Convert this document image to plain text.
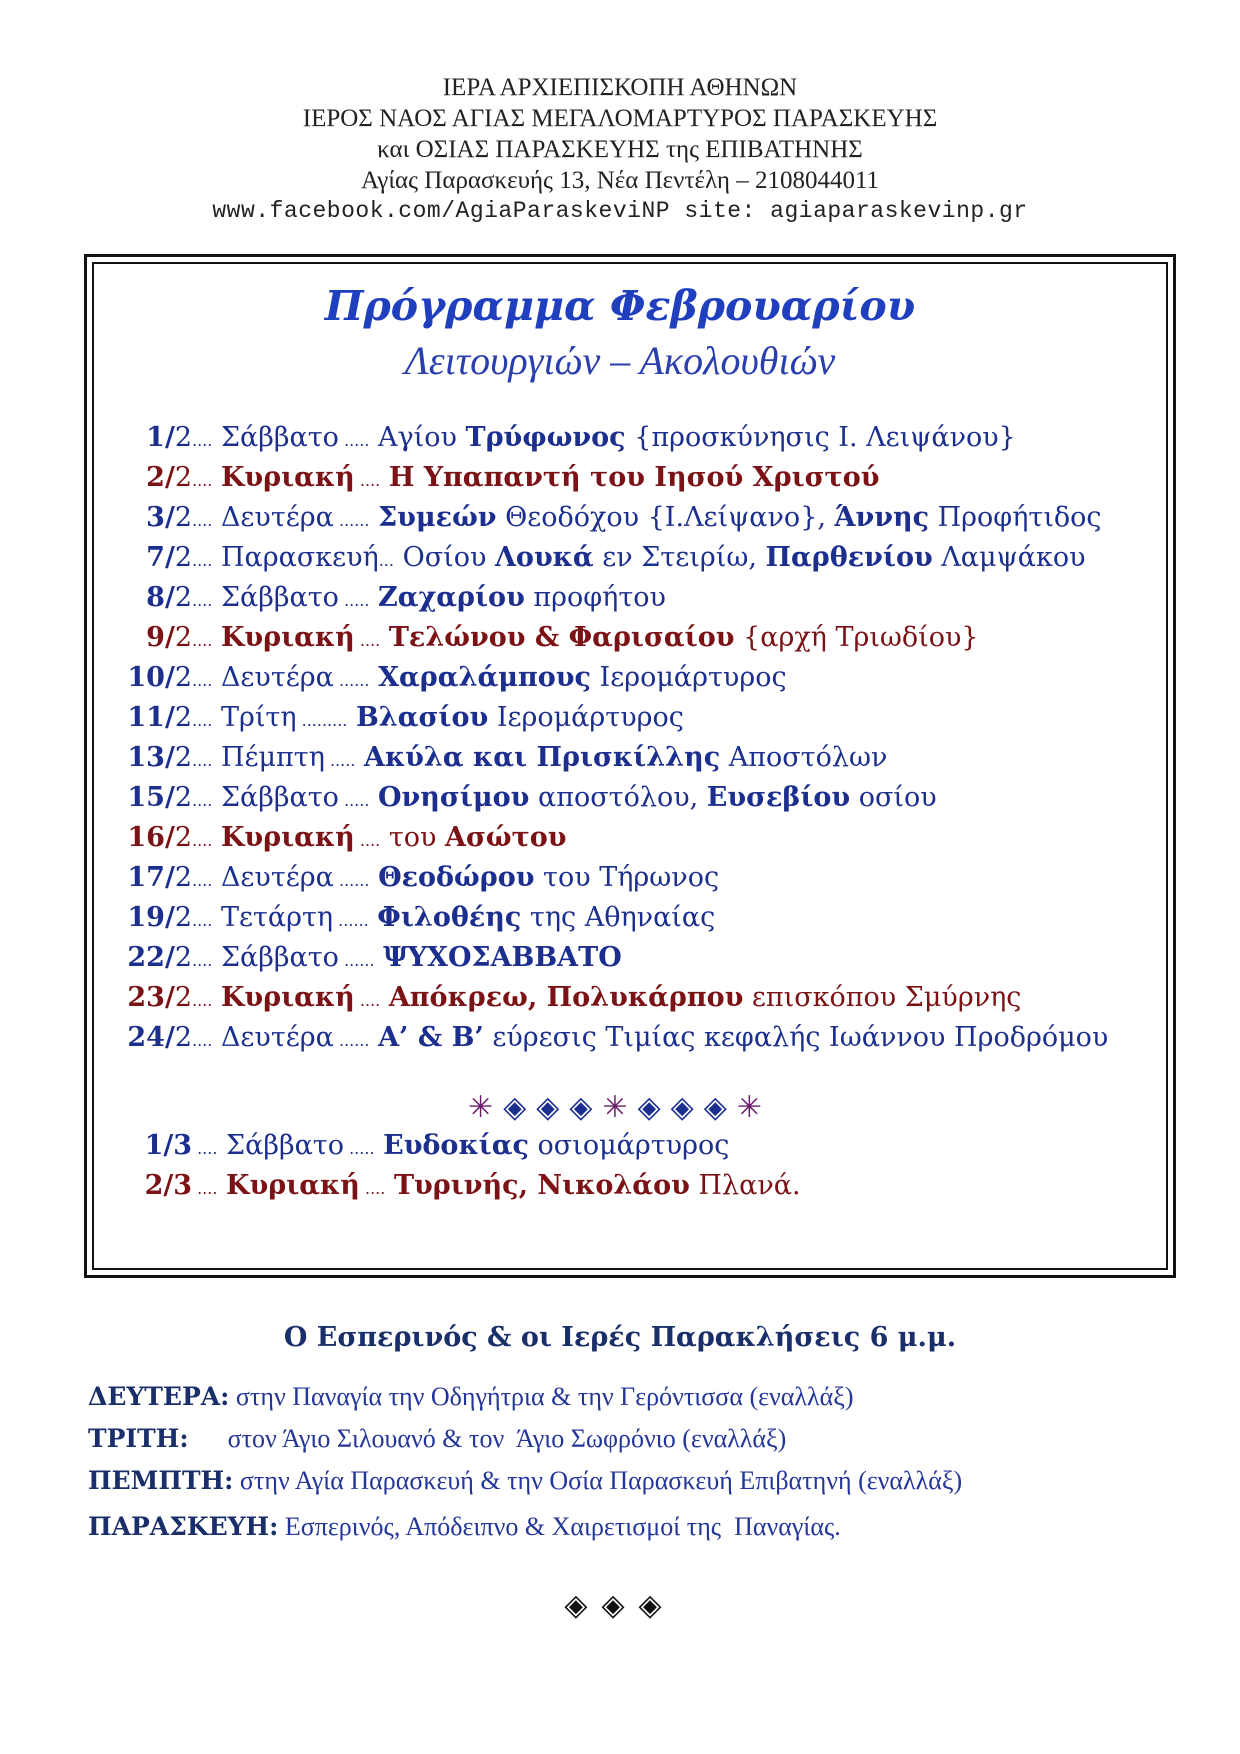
ΙΕΡΑ ΑΡΧΙΕΠΙΣΚΟΠΗ ΑΘΗΝΩΝ
ΙΕΡΟΣ ΝΑΟΣ ΑΓΙΑΣ ΜΕΓΑΛΟΜΑΡΤΥΡΟΣ ΠΑΡΑΣΚΕΥΗΣ
και ΟΣΙΑΣ ΠΑΡΑΣΚΕΥΗΣ της ΕΠΙΒΑΤΗΝΗΣ
Αγίας Παρασκευής 13, Νέα Πεντέλη – 2108044011
www.facebook.com/AgiaParaskeviNP site: agiaparaskevinp.gr
Πρόγραμμα Φεβρουαρίου
Λειτουργιών – Ακολουθιών
1/2.... Σάββατο ..... Αγίου Τρύφωνος {προσκύνησις Ι. Λειψάνου}
2/2.... Κυριακή .... Η Υπαπαντή του Ιησού Χριστού
3/2.... Δευτέρα ...... Συμεών Θεοδόχου {Ι.Λείψανο}, Άννης Προφήτιδος
7/2.... Παρασκευή... Οσίου Λουκά εν Στειρίω, Παρθενίου Λαμψάκου
8/2.... Σάββατο ..... Ζαχαρίου προφήτου
9/2.... Κυριακή .... Τελώνου & Φαρισαίου {αρχή Τριωδίου}
10/2.... Δευτέρα ...... Χαραλάμπους Ιερομάρτυρος
11/2.... Τρίτη ......... Βλασίου Ιερομάρτυρος
13/2.... Πέμπτη ..... Ακύλα και Πρισκίλλης Αποστόλων
15/2.... Σάββατο ..... Ονησίμου αποστόλου, Ευσεβίου οσίου
16/2.... Κυριακή .... του Ασώτου
17/2.... Δευτέρα ...... Θεοδώρου του Τήρωνος
19/2.... Τετάρτη ...... Φιλοθέης της Αθηναίας
22/2.... Σάββατο ...... ΨΥΧΟΣΑΒΒΑΤΟ
23/2.... Κυριακή .... Απόκρεω, Πολυκάρπου επισκόπου Σμύρνης
24/2.... Δευτέρα ...... Α’ & Β’ εύρεσις Τιμίας κεφαλής Ιωάννου Προδρόμου
1/3 .... Σάββατο ..... Ευδοκίας οσιομάρτυρος
2/3 .... Κυριακή .... Τυρινής, Νικολάου Πλανά.
✳◈◈◈✳◈◈◈✳
Ο Εσπερινός & οι Ιερές Παρακλήσεις 6 μ.μ.
ΔΕΥΤΕΡΑ: στην Παναγία την Οδηγήτρια & την Γερόντισσα (εναλλάξ)
ΤΡΙΤΗ:      στον Άγιο Σιλουανό & τον  Άγιο Σωφρόνιο (εναλλάξ)
ΠΕΜΠΤΗ: στην Αγία Παρασκευή & την Οσία Παρασκευή Επιβατηνή (εναλλάξ)
ΠΑΡΑΣΚΕΥΗ: Εσπερινός, Απόδειπνο & Χαιρετισμοί της  Παναγίας.
◈◈◈
